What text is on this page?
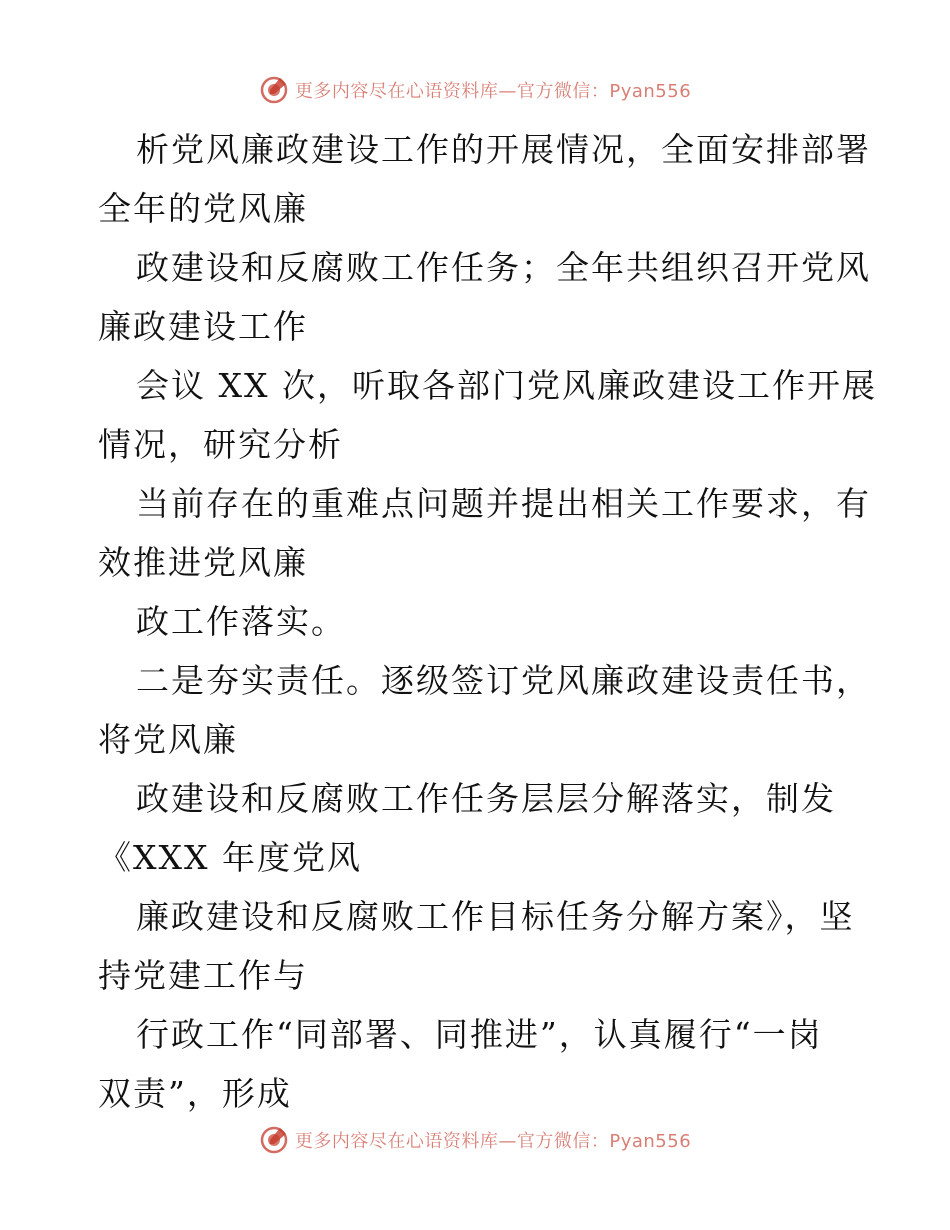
更多内容尽在心语资料库—官方微信：Pyan556
析党风廉政建设工作的开展情况，全面安排部署
全年的党风廉
政建设和反腐败工作任务；全年共组织召开党风
廉政建设工作
会议 XX 次，听取各部门党风廉政建设工作开展
情况，研究分析
当前存在的重难点问题并提出相关工作要求，有
效推进党风廉
政工作落实。
二是夯实责任。逐级签订党风廉政建设责任书，
将党风廉
政建设和反腐败工作任务层层分解落实，制发
《XXX 年度党风
廉政建设和反腐败工作目标任务分解方案》，坚
持党建工作与
行政工作“同部署、同推进”，认真履行“一岗
双责”，形成
更多内容尽在心语资料库—官方微信：Pyan556
